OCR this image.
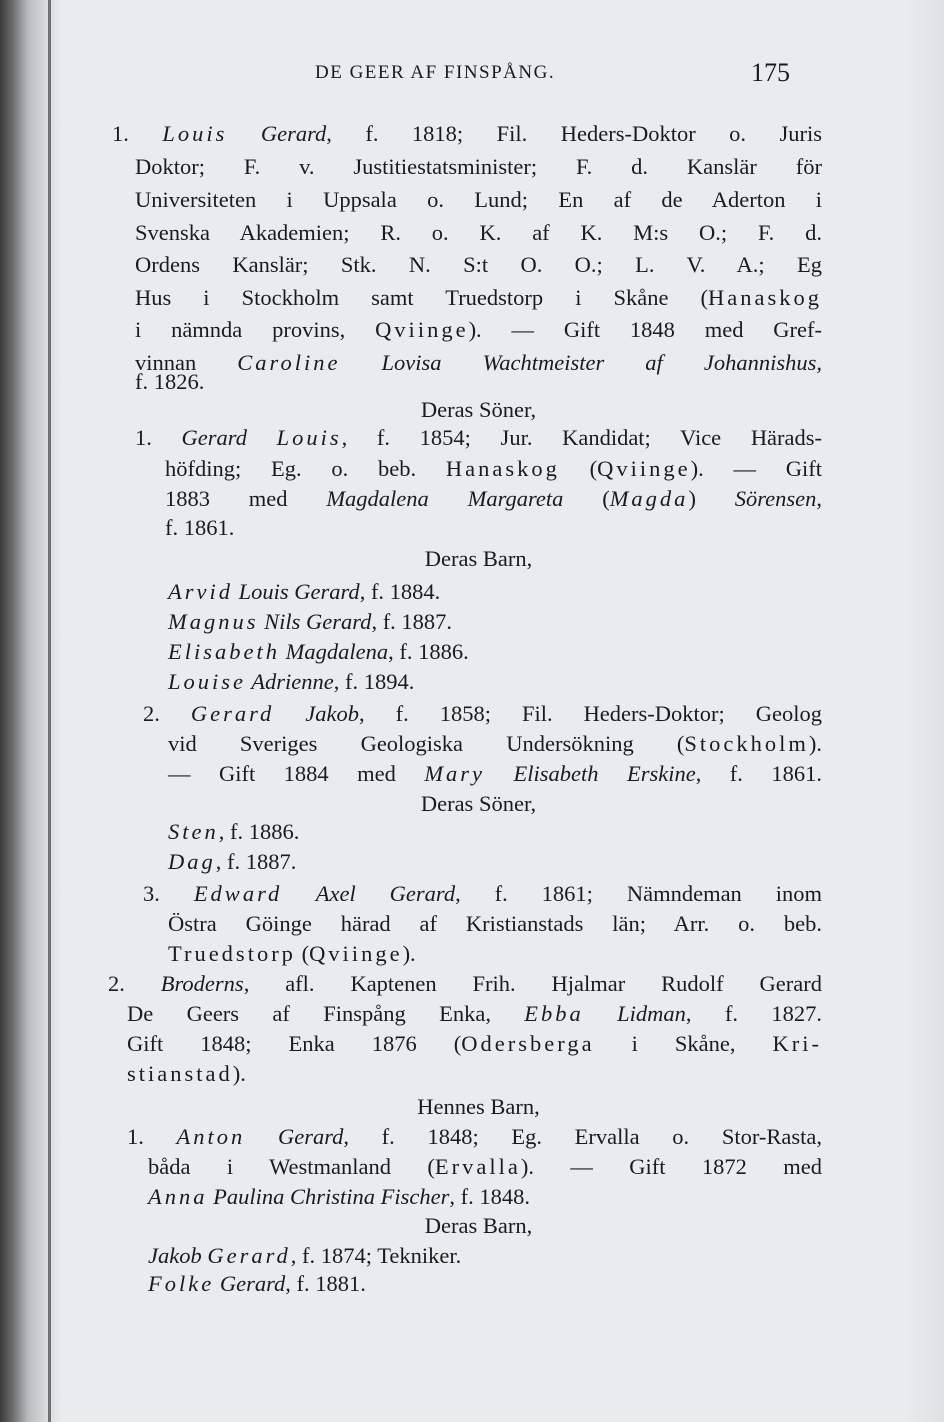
DE GEER AF FINSPÅNG.	175
1. Louis Gerard, f. 1818; Fil. Heders-Doktor o. Juris
Doktor; F. v. Justitiestatsminister; F. d. Kanslär för
Universiteten i Uppsala o. Lund; En af de Aderton i
Svenska Akademien; R. o. K. af K. M:s O.; F. d.
Ordens Kanslär; Stk. N. S:t O. O.; L. V. A.; Eg
Hus i Stockholm samt Truedstorp i Skåne (Hanaskog
i nämnda provins, Qviinge). — Gift 1848 med Gref-
vinnan Caroline Lovisa Wachtmeister af Johannishus,
f. 1826.
Deras Söner,
1. Gerard Louis, f. 1854; Jur. Kandidat; Vice Härads-
höfding; Eg. o. beb. Hanaskog (Qviinge). — Gift
1883 med Magdalena Margareta (Magda) Sörensen,
f. 1861.
Deras Barn,
Arvid Louis Gerard, f. 1884.
Magnus Nils Gerard, f. 1887.
Elisabeth Magdalena, f. 1886.
Louise Adrienne, f. 1894.
2. Gerard Jakob, f. 1858; Fil. Heders-Doktor; Geolog
vid Sveriges Geologiska Undersökning (Stockholm).
— Gift 1884 med Mary Elisabeth Erskine, f. 1861.
Deras Söner,
Sten, f. 1886.
Dag, f. 1887.
3. Edward Axel Gerard, f. 1861; Nämndeman inom
Östra Göinge härad af Kristianstads län; Arr. o. beb.
Truedstorp (Qviinge).
2. Broderns, afl. Kaptenen Frih. Hjalmar Rudolf Gerard
De Geers af Finspång Enka, Ebba Lidman, f. 1827.
Gift 1848; Enka 1876 (Odersberga i Skåne, Kri-
stianstad).
Hennes Barn,
1. Anton Gerard, f. 1848; Eg. Ervalla o. Stor-Rasta,
båda i Westmanland (Ervalla). — Gift 1872 med
Anna Paulina Christina Fischer, f. 1848.
Deras Barn,
Jakob Gerard, f. 1874; Tekniker.
Folke Gerard, f. 1881.
